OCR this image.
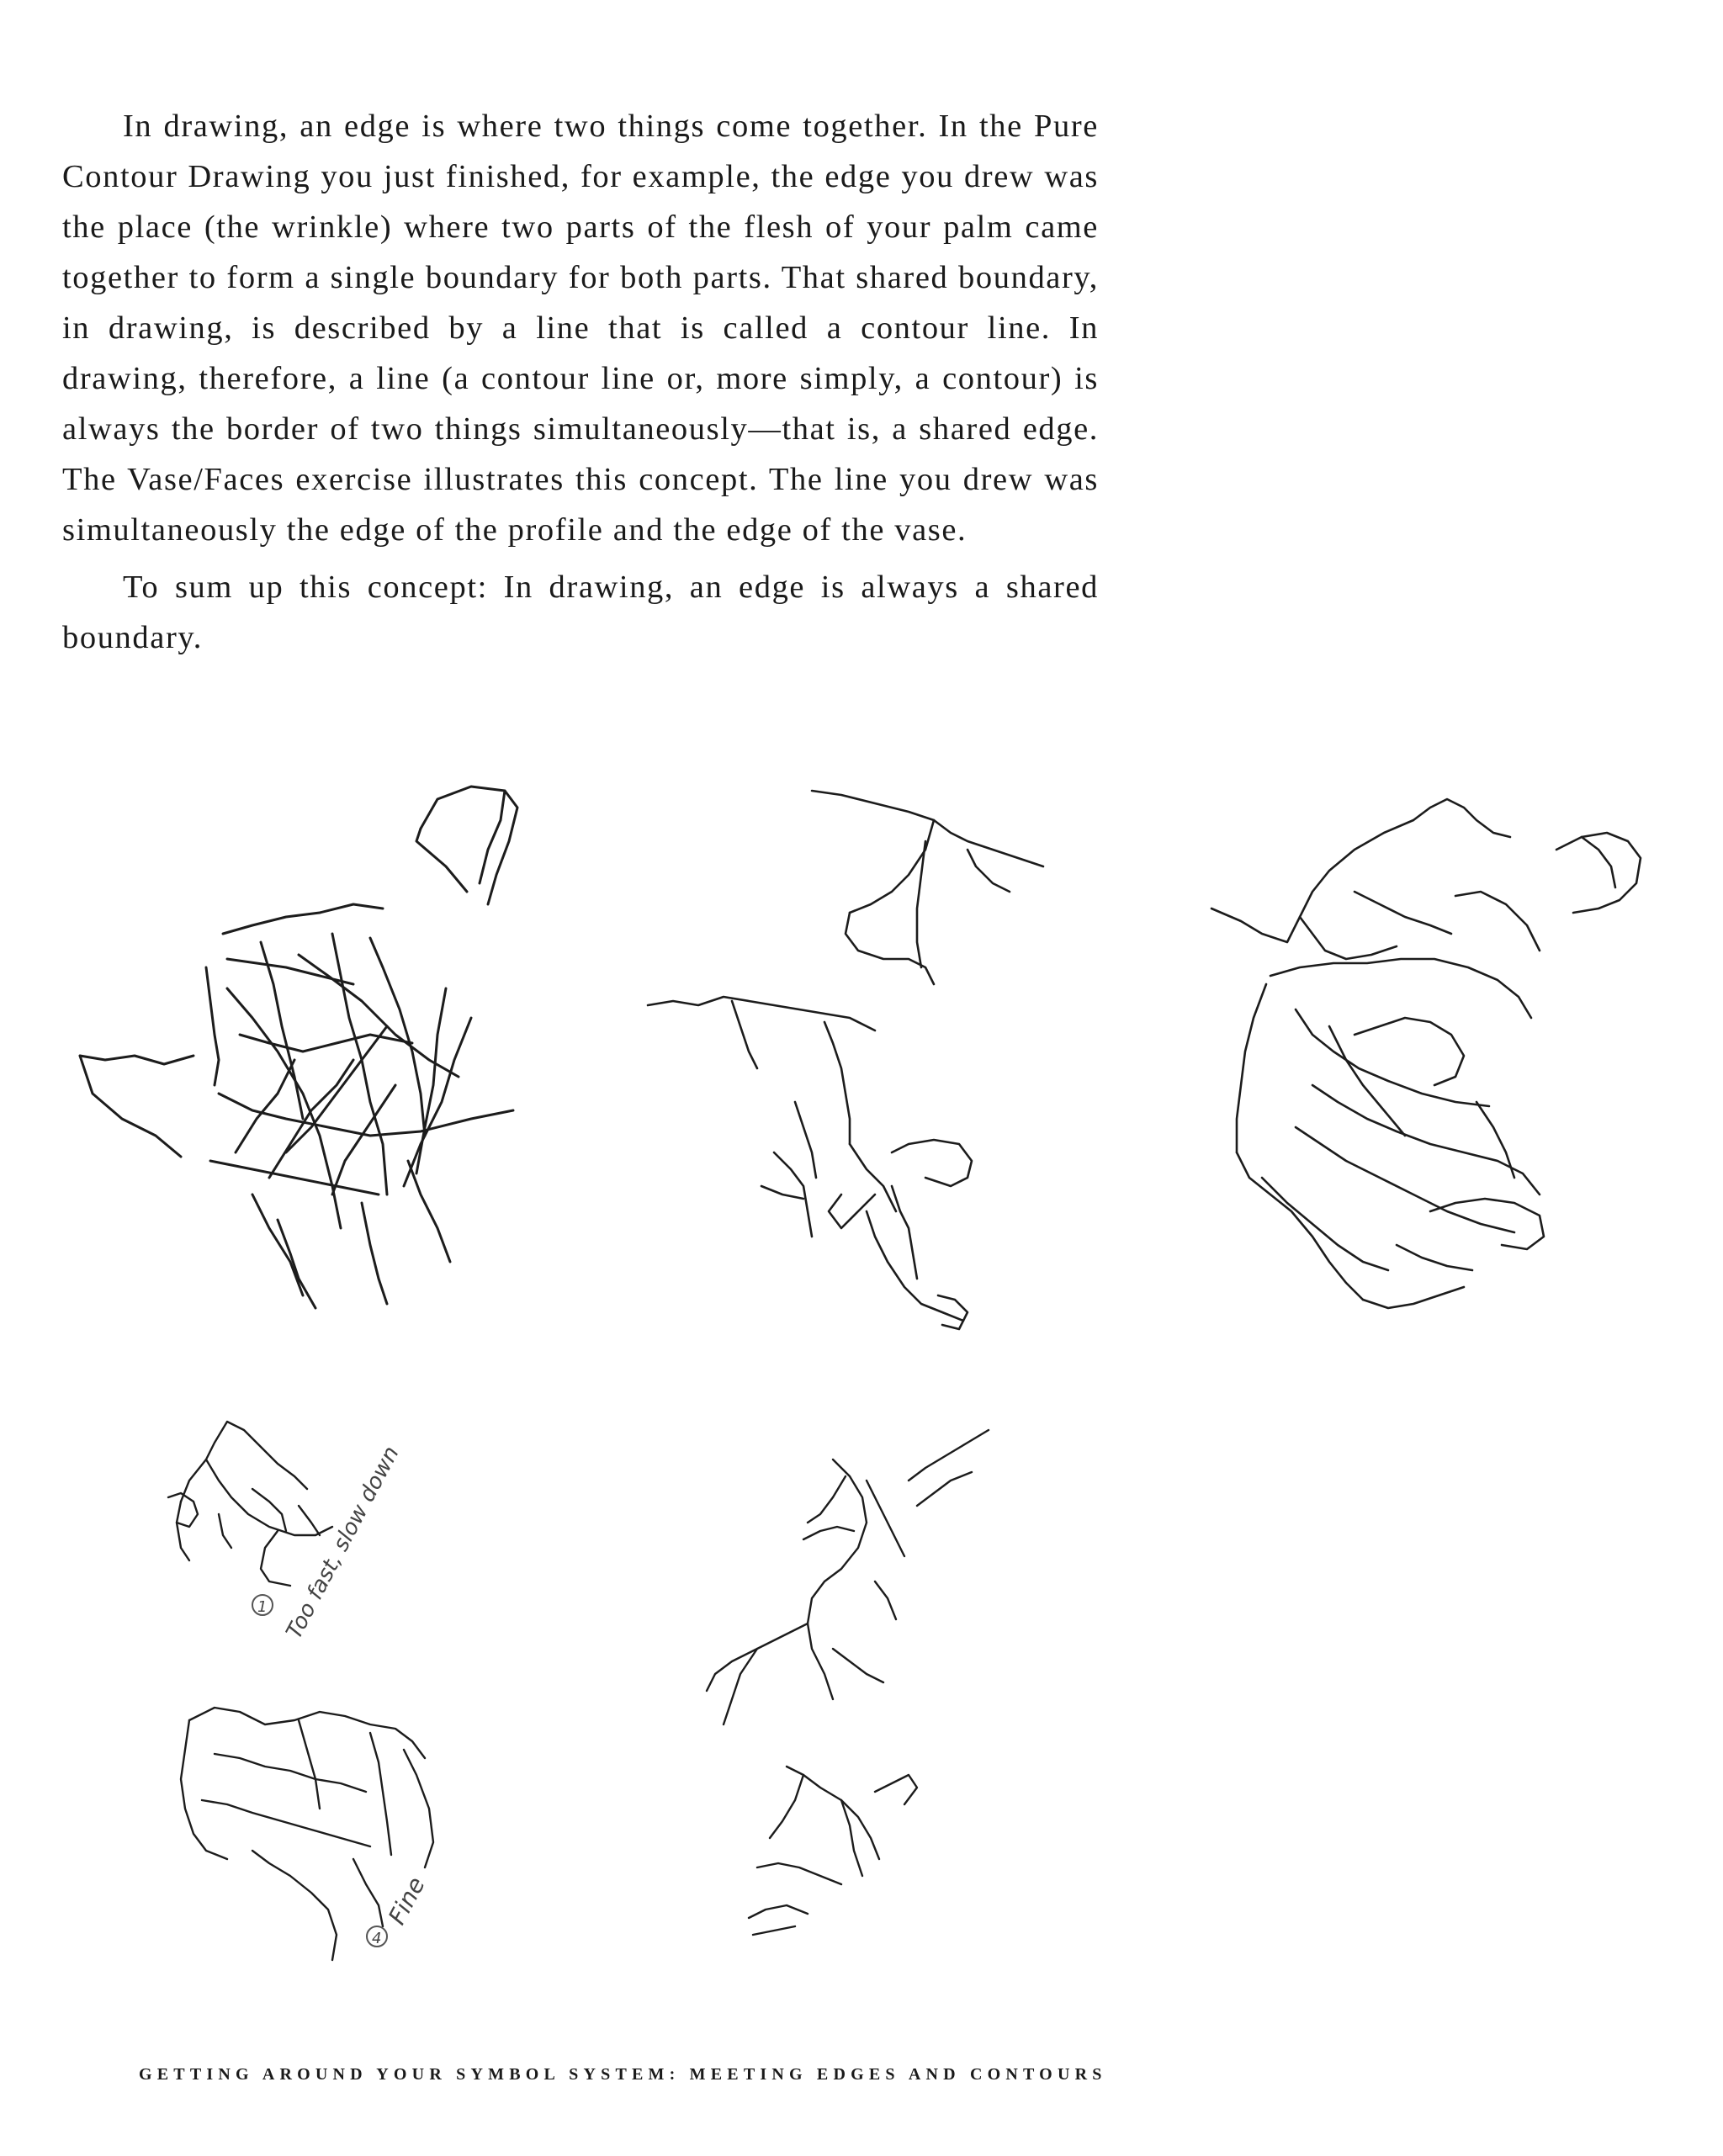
In drawing, an edge is where two things come together. In the Pure Contour Drawing you just finished, for example, the edge you drew was the place (the wrinkle) where two parts of the flesh of your palm came together to form a single boundary for both parts. That shared boundary, in drawing, is described by a line that is called a contour line. In drawing, therefore, a line (a contour line or, more simply, a contour) is always the border of two things simultaneously—that is, a shared edge. The Vase/Faces exercise illustrates this concept. The line you drew was simultaneously the edge of the profile and the edge of the vase.

To sum up this concept: In drawing, an edge is always a shared boundary.

Too fast, slow down
1
Fine
4
GETTING AROUND YOUR SYMBOL SYSTEM: MEETING EDGES AND CONTOURS
